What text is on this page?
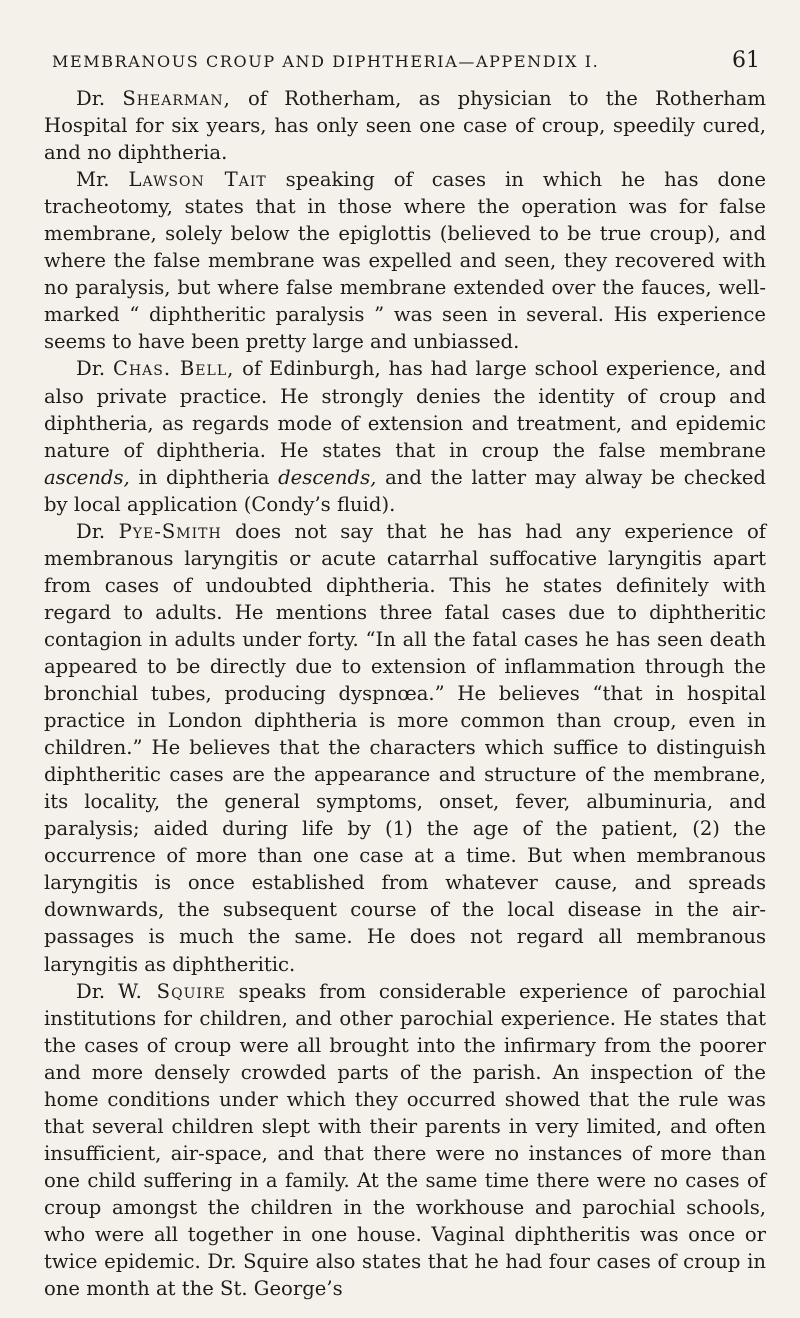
MEMBRANOUS CROUP AND DIPHTHERIA—APPENDIX I.	61

Dr. Shearman, of Rotherham, as physician to the Rotherham Hospital for six years, has only seen one case of croup, speedily cured, and no diphtheria.

Mr. Lawson Tait speaking of cases in which he has done tracheotomy, states that in those where the operation was for false membrane, solely below the epiglottis (believed to be true croup), and where the false membrane was expelled and seen, they recovered with no paralysis, but where false membrane extended over the fauces, well-marked “ diphtheritic paralysis ” was seen in several. His experience seems to have been pretty large and unbiassed.

Dr. Chas. Bell, of Edinburgh, has had large school experience, and also private practice. He strongly denies the identity of croup and diphtheria, as regards mode of extension and treatment, and epidemic nature of diphtheria. He states that in croup the false membrane ascends, in diphtheria descends, and the latter may alway be checked by local application (Condy’s fluid).

Dr. Pye-Smith does not say that he has had any experience of membranous laryngitis or acute catarrhal suffocative laryngitis apart from cases of undoubted diphtheria. This he states definitely with regard to adults. He mentions three fatal cases due to diphtheritic contagion in adults under forty. “In all the fatal cases he has seen death appeared to be directly due to extension of inflammation through the bronchial tubes, producing dyspnœa.” He believes “that in hospital practice in London diphtheria is more common than croup, even in children.” He believes that the characters which suffice to distinguish diphtheritic cases are the appearance and structure of the membrane, its locality, the general symptoms, onset, fever, albuminuria, and paralysis; aided during life by (1) the age of the patient, (2) the occurrence of more than one case at a time. But when membranous laryngitis is once established from whatever cause, and spreads downwards, the subsequent course of the local disease in the air-passages is much the same. He does not regard all membranous laryngitis as diphtheritic.

Dr. W. Squire speaks from considerable experience of parochial institutions for children, and other parochial experience. He states that the cases of croup were all brought into the infirmary from the poorer and more densely crowded parts of the parish. An inspection of the home conditions under which they occurred showed that the rule was that several children slept with their parents in very limited, and often insufficient, air-space, and that there were no instances of more than one child suffering in a family. At the same time there were no cases of croup amongst the children in the workhouse and parochial schools, who were all together in one house. Vaginal diphtheritis was once or twice epidemic. Dr. Squire also states that he had four cases of croup in one month at the St. George’s
